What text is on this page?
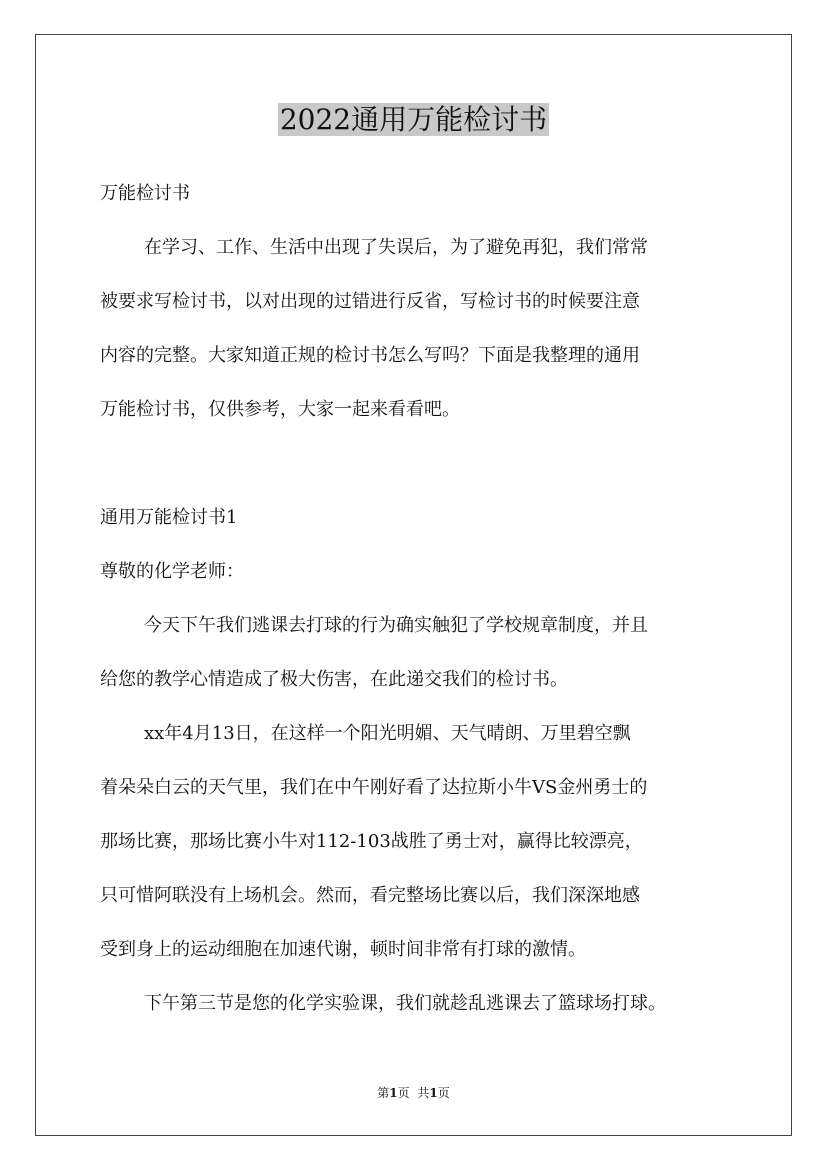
2022通用万能检讨书
万能检讨书
在学习、工作、生活中出现了失误后，为了避免再犯，我们常常
被要求写检讨书，以对出现的过错进行反省，写检讨书的时候要注意
内容的完整。大家知道正规的检讨书怎么写吗？下面是我整理的通用
万能检讨书，仅供参考，大家一起来看看吧。
通用万能检讨书1
尊敬的化学老师：
今天下午我们逃课去打球的行为确实触犯了学校规章制度，并且
给您的教学心情造成了极大伤害，在此递交我们的检讨书。
xx年4月13日，在这样一个阳光明媚、天气晴朗、万里碧空飘
着朵朵白云的天气里，我们在中午刚好看了达拉斯小牛VS金州勇士的
那场比赛，那场比赛小牛对112-103战胜了勇士对，赢得比较漂亮，
只可惜阿联没有上场机会。然而，看完整场比赛以后，我们深深地感
受到身上的运动细胞在加速代谢，顿时间非常有打球的激情。
下午第三节是您的化学实验课，我们就趁乱逃课去了篮球场打球。
第1页 共1页
